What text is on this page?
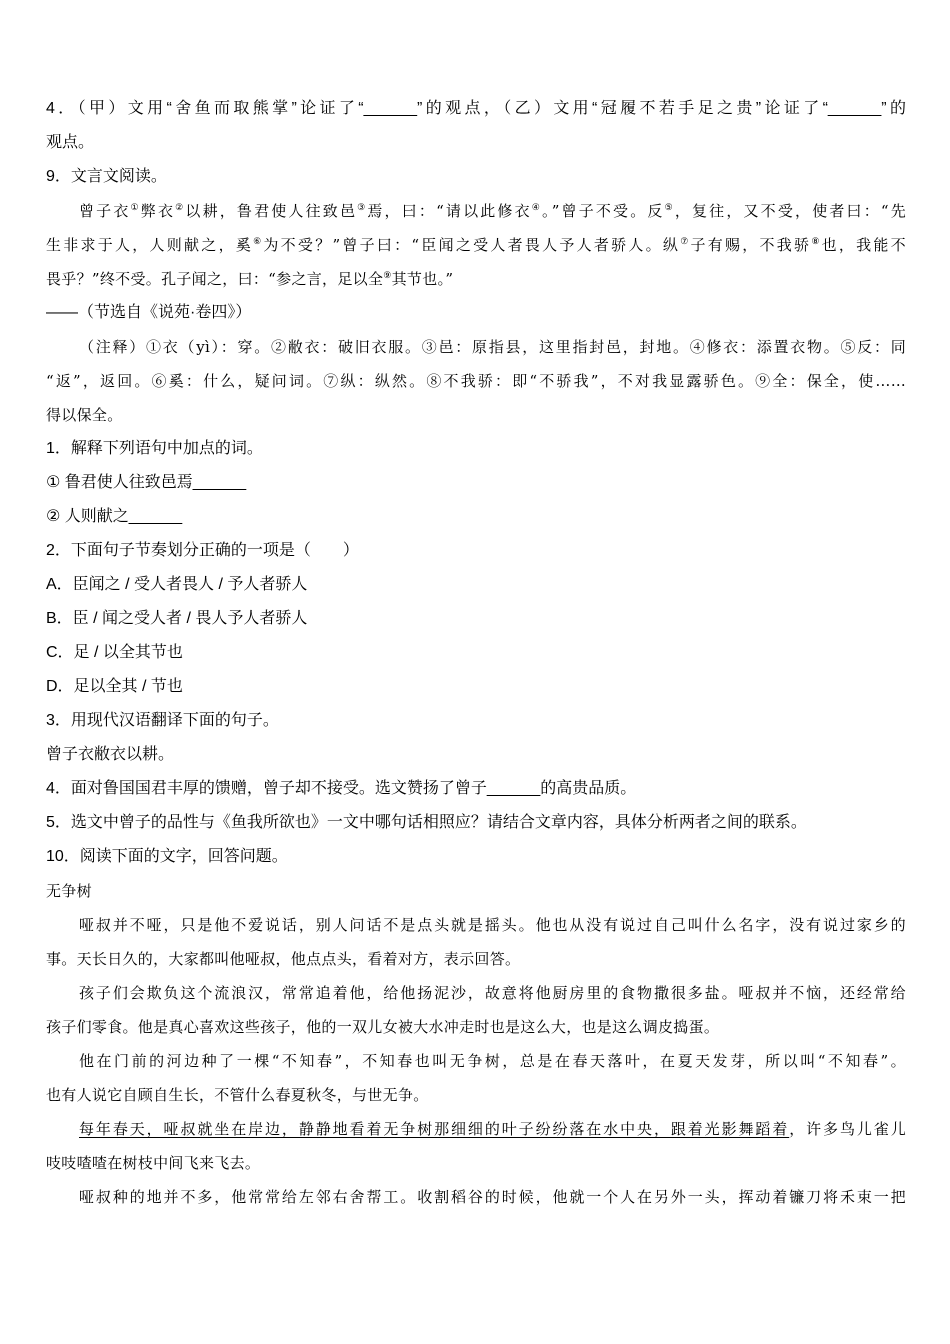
4．（甲）文用“舍鱼而取熊掌”论证了“______”的观点，（乙）文用“冠履不若手足之贵”论证了“______”的
观点。
9．文言文阅读。
曾子衣①弊衣②以耕，鲁君使人往致邑③焉，曰：“请以此修衣④。”曾子不受。反⑤，复往，又不受，使者曰：“先
生非求于人，人则献之，奚⑥为不受？”曾子曰：“臣闻之受人者畏人予人者骄人。纵⑦子有赐，不我骄⑧也，我能不
畏乎？”终不受。孔子闻之，曰：“参之言，足以全⑨其节也。”
——（节选自《说苑·卷四》）
（注释）①衣（yì）：穿。②敝衣：破旧衣服。③邑：原指县，这里指封邑，封地。④修衣：添置衣物。⑤反：同
“返”，返回。⑥奚：什么，疑问词。⑦纵：纵然。⑧不我骄：即“不骄我”，不对我显露骄色。⑨全：保全，使……
得以保全。
1．解释下列语句中加点的词。
① 鲁君使人往致邑焉______
② 人则献之______
2．下面句子节奏划分正确的一项是（　　）
A．臣闻之 / 受人者畏人 / 予人者骄人
B．臣 / 闻之受人者 / 畏人予人者骄人
C．足 / 以全其节也
D．足以全其 / 节也
3．用现代汉语翻译下面的句子。
曾子衣敝衣以耕。
4．面对鲁国国君丰厚的馈赠，曾子却不接受。选文赞扬了曾子______的高贵品质。
5．选文中曾子的品性与《鱼我所欲也》一文中哪句话相照应？请结合文章内容，具体分析两者之间的联系。
10．阅读下面的文字，回答问题。
无争树
哑叔并不哑，只是他不爱说话，别人问话不是点头就是摇头。他也从没有说过自己叫什么名字，没有说过家乡的
事。天长日久的，大家都叫他哑叔，他点点头，看着对方，表示回答。
孩子们会欺负这个流浪汉，常常追着他，给他扬泥沙，故意将他厨房里的食物撒很多盐。哑叔并不恼，还经常给
孩子们零食。他是真心喜欢这些孩子，他的一双儿女被大水冲走时也是这么大，也是这么调皮捣蛋。
他在门前的河边种了一棵“不知春”，不知春也叫无争树，总是在春天落叶，在夏天发芽，所以叫“不知春”。
也有人说它自顾自生长，不管什么春夏秋冬，与世无争。
每年春天，哑叔就坐在岸边，静静地看着无争树那细细的叶子纷纷落在水中央，跟着光影舞蹈着，许多鸟儿雀儿
吱吱喳喳在树枝中间飞来飞去。
哑叔种的地并不多，他常常给左邻右舍帮工。收割稻谷的时候，他就一个人在另外一头，挥动着镰刀将禾束一把
